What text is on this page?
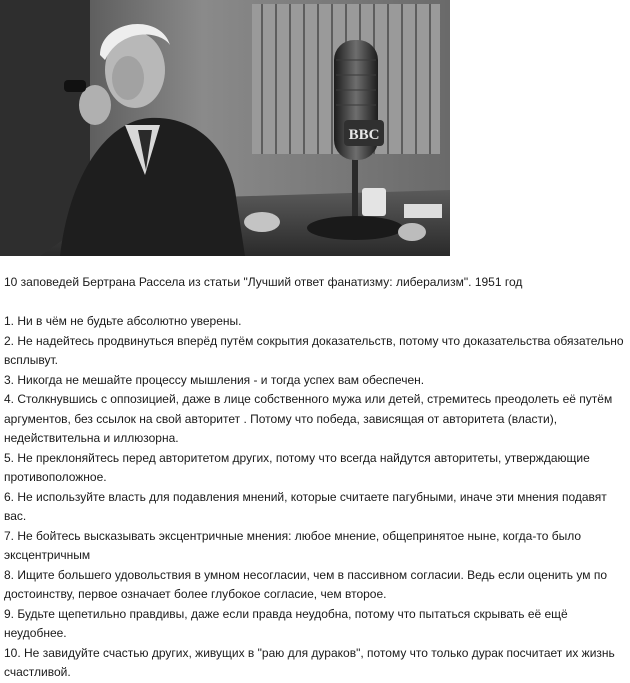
BBC
10 заповедей Бертрана Рассела из статьи "Лучший ответ фанатизму: либерализм". 1951 год
1. Ни в чём не будьте абсолютно уверены.
2. Не надейтесь продвинуться вперёд путём сокрытия доказательств, потому что доказательства обязательно всплывут.
3. Никогда не мешайте процессу мышления - и тогда успех вам обеспечен.
4. Столкнувшись с оппозицией, даже в лице собственного мужа или детей, стремитесь преодолеть её путём аргументов, без ссылок на свой авторитет . Потому что победа, зависящая от авторитета (власти), недействительна и иллюзорна.
5. Не преклоняйтесь перед авторитетом других, потому что всегда найдутся авторитеты, утверждающие противоположное.
6. Не используйте власть для подавления мнений, которые считаете пагубными, иначе эти мнения подавят вас.
7. Не бойтесь высказывать эксцентричные мнения: любое мнение, общепринятое ныне, когда-то было эксцентричным
8. Ищите большего удовольствия в умном несогласии, чем в пассивном согласии. Ведь если оценить ум по достоинству, первое означает более глубокое согласие, чем второе.
9. Будьте щепетильно правдивы, даже если правда неудобна, потому что пытаться скрывать её ещё неудобнее.
10. Не завидуйте счастью других, живущих в "раю для дураков", потому что только дурак посчитает их жизнь счастливой.
